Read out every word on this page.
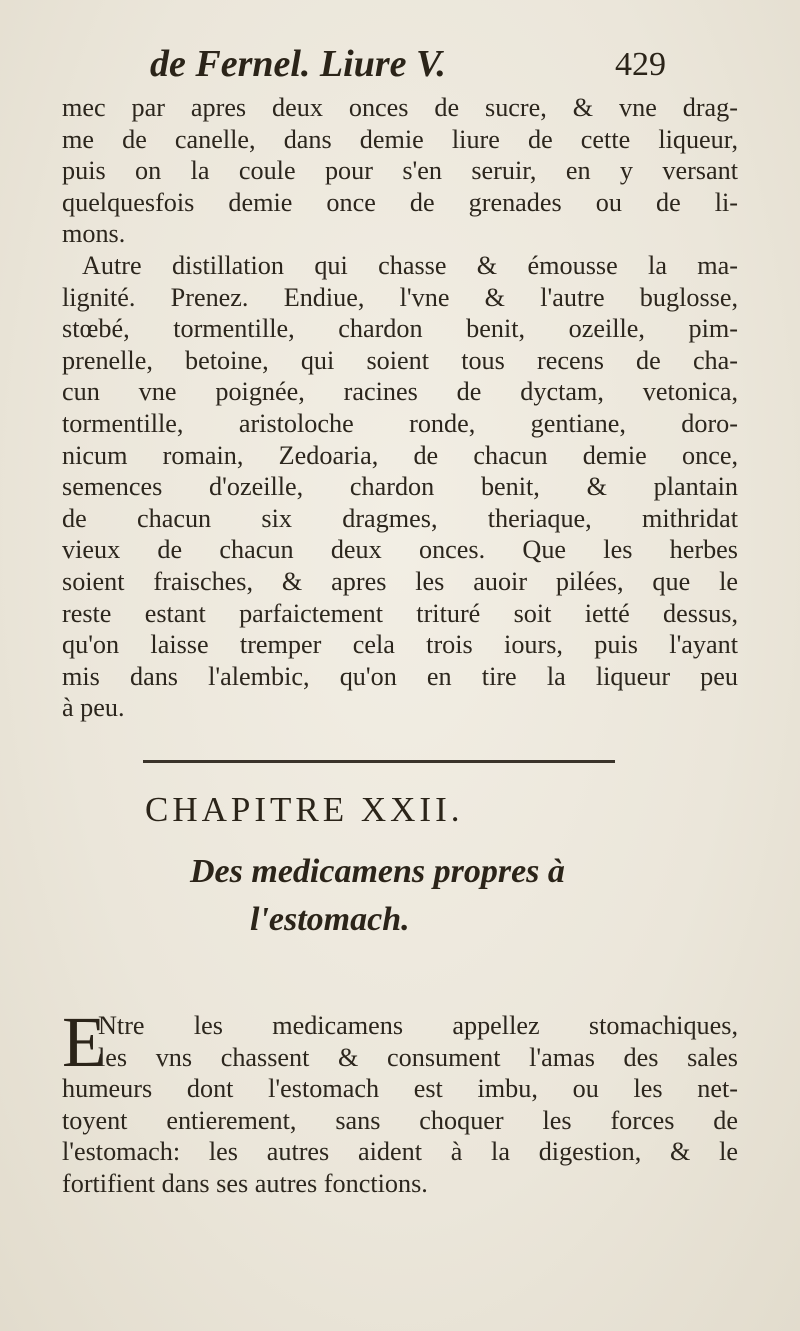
de Fernel. Liure V.	429
mec par apres deux onces de sucre, & vne drag-
me de canelle, dans demie liure de cette liqueur,
puis on la coule pour s'en seruir, en y versant
quelquesfois demie once de grenades ou de li-
mons.
Autre distillation qui chasse & émousse la ma-
lignité. Prenez. Endiue, l'vne & l'autre buglosse,
stœbé, tormentille, chardon benit, ozeille, pim-
prenelle, betoine, qui soient tous recens de cha-
cun vne poignée, racines de dyctam, vetonica,
tormentille, aristoloche ronde, gentiane, doro-
nicum romain, Zedoaria, de chacun demie once,
semences d'ozeille, chardon benit, & plantain
de chacun six dragmes, theriaque, mithridat
vieux de chacun deux onces. Que les herbes
soient fraisches, & apres les auoir pilées, que le
reste estant parfaictement trituré soit ietté dessus,
qu'on laisse tremper cela trois iours, puis l'ayant
mis dans l'alembic, qu'on en tire la liqueur peu
à peu.
CHAPITRE XXII.
Des medicamens propres à
l'estomach.
E
Ntre les medicamens appellez stomachiques,
les vns chassent & consument l'amas des sales
humeurs dont l'estomach est imbu, ou les net-
toyent entierement, sans choquer les forces de
l'estomach: les autres aident à la digestion, & le
fortifient dans ses autres fonctions.
